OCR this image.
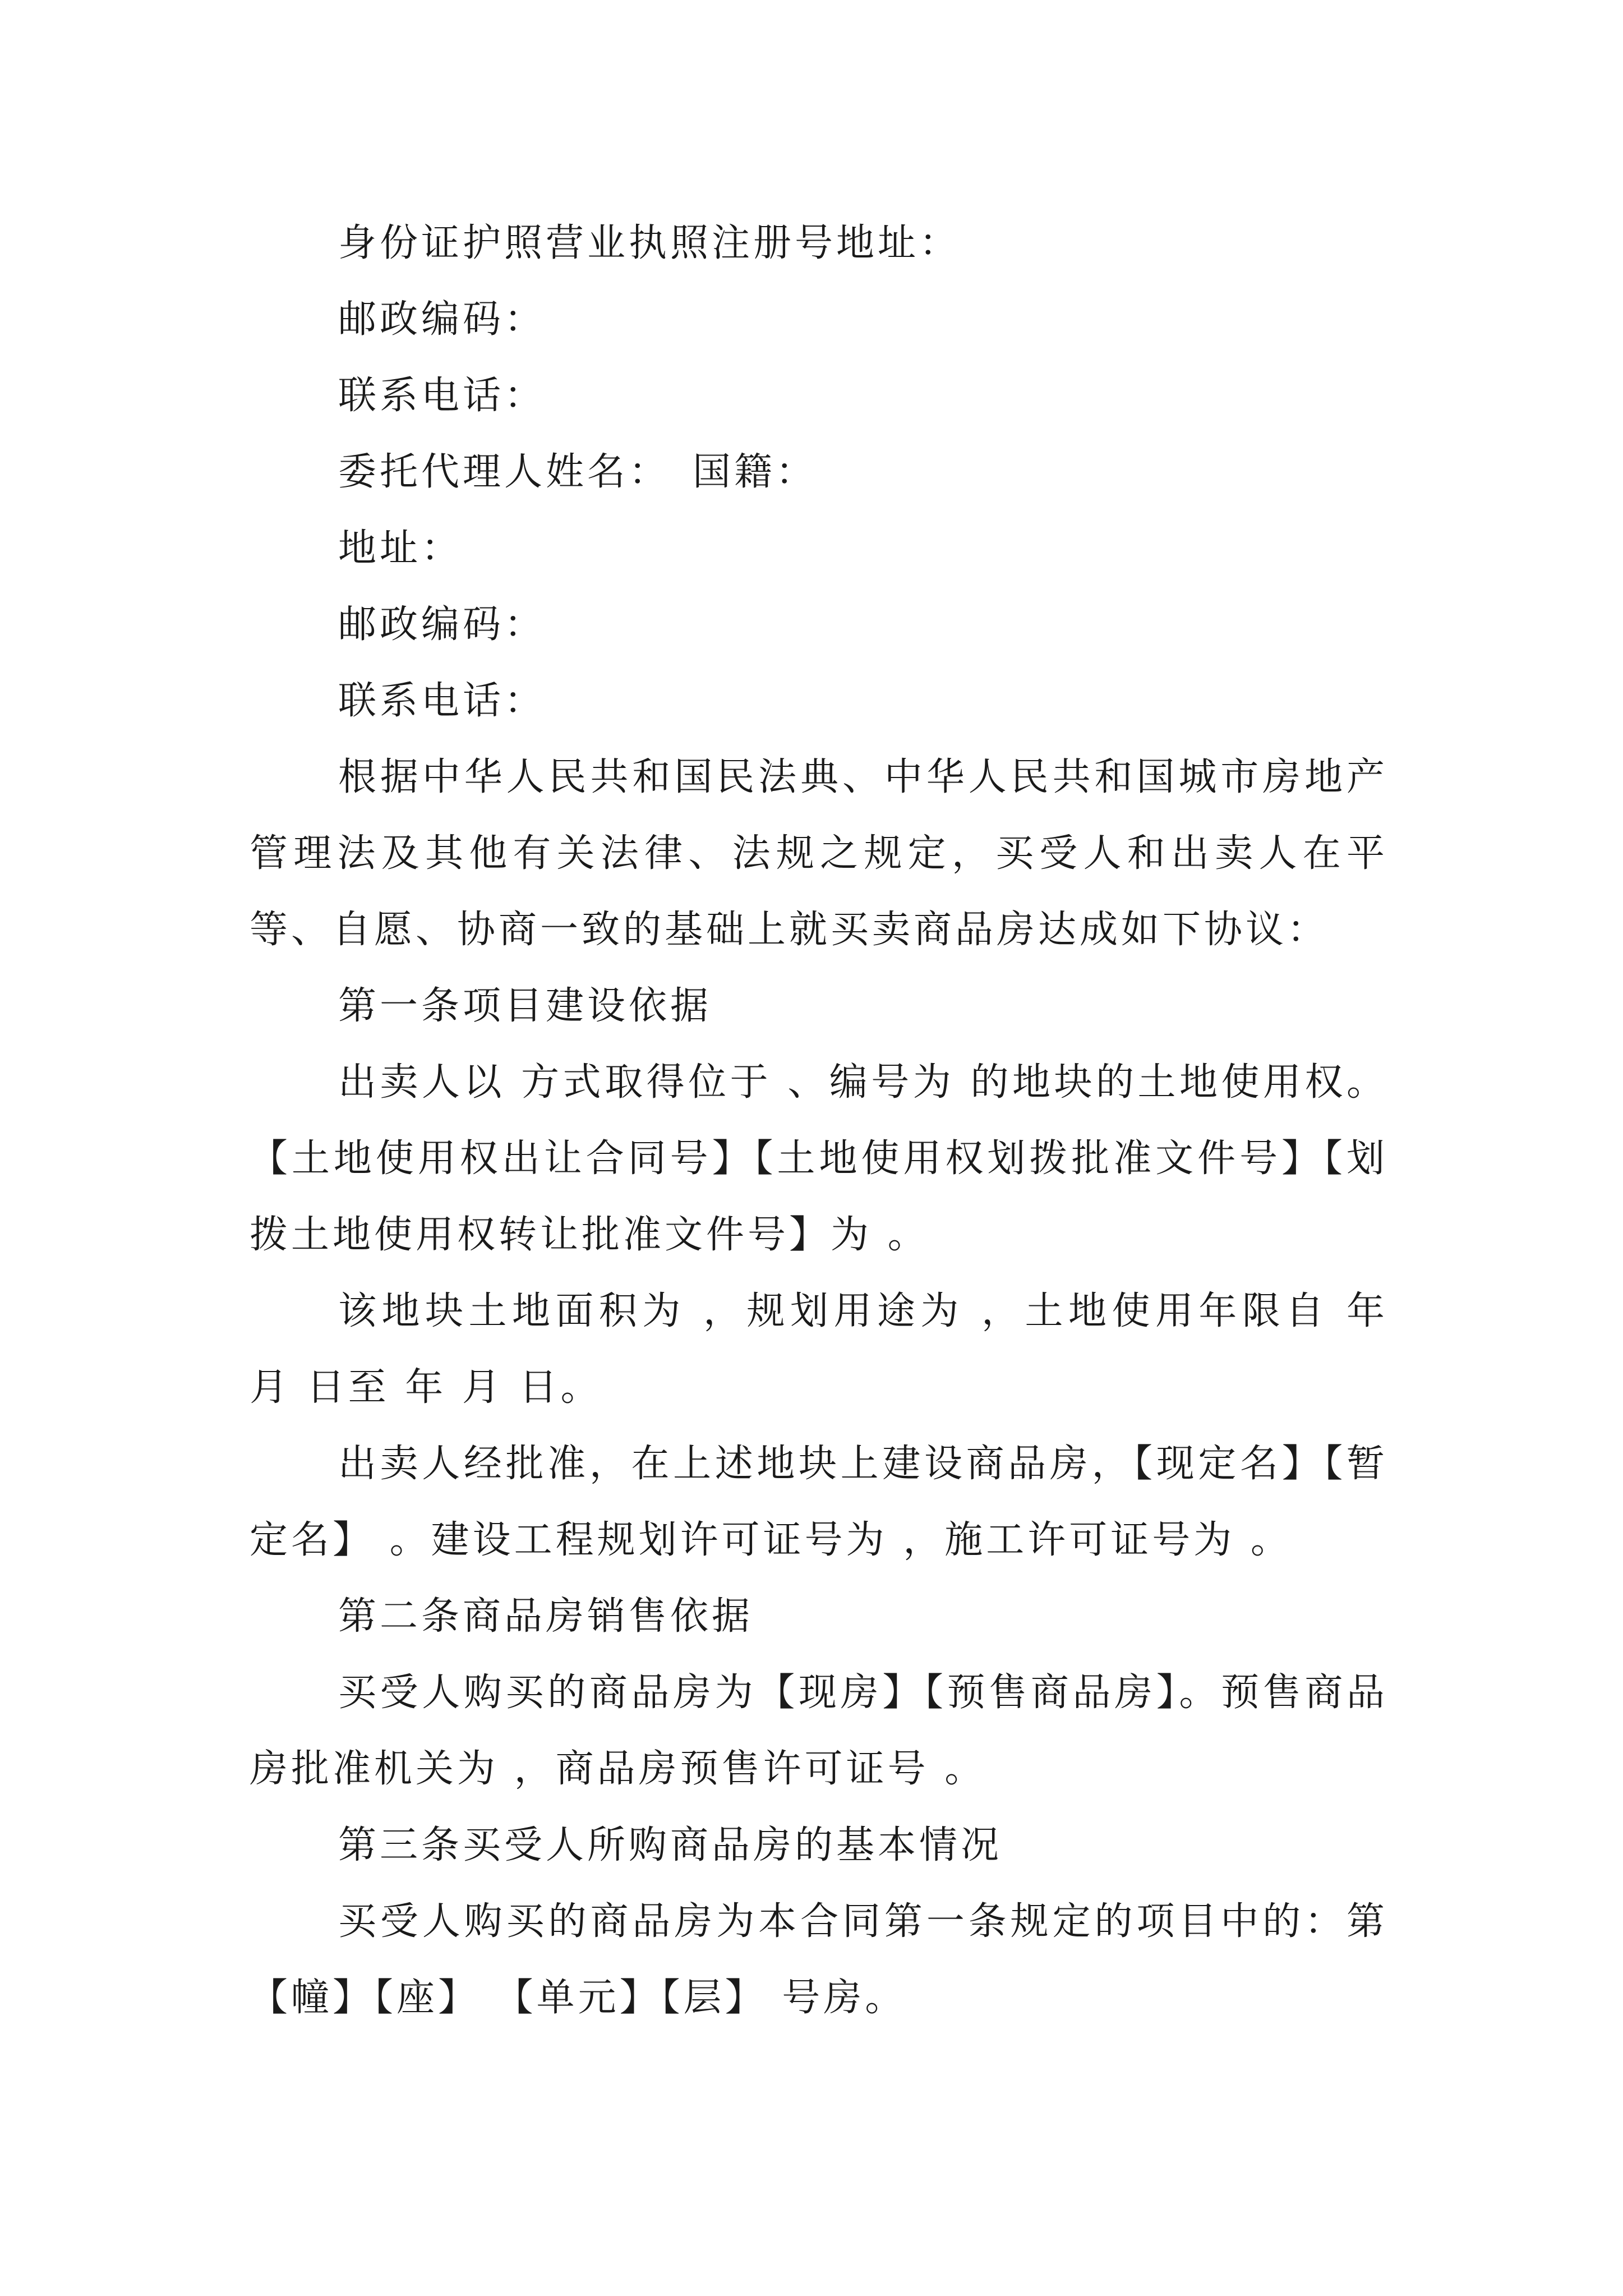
身份证护照营业执照注册号地址：

邮政编码：

联系电话：

委托代理人姓名：　国籍：

地址：

邮政编码：

联系电话：

根据中华人民共和国民法典、中华人民共和国城市房地产管理法及其他有关法律、法规之规定，买受人和出卖人在平等、自愿、协商一致的基础上就买卖商品房达成如下协议：

第一条项目建设依据

出卖人以 方式取得位于 、编号为 的地块的土地使用权。【土地使用权出让合同号】【土地使用权划拨批准文件号】【划拨土地使用权转让批准文件号】为 。

该地块土地面积为 ，规划用途为 ，土地使用年限自 年 月 日至 年 月 日。

出卖人经批准，在上述地块上建设商品房，【现定名】【暂定名】 。建设工程规划许可证号为 ，施工许可证号为 。

第二条商品房销售依据

买受人购买的商品房为【现房】【预售商品房】。预售商品房批准机关为 ，商品房预售许可证号 。

第三条买受人所购商品房的基本情况

买受人购买的商品房为本合同第一条规定的项目中的：第 【幢】【座】 【单元】【层】 号房。
